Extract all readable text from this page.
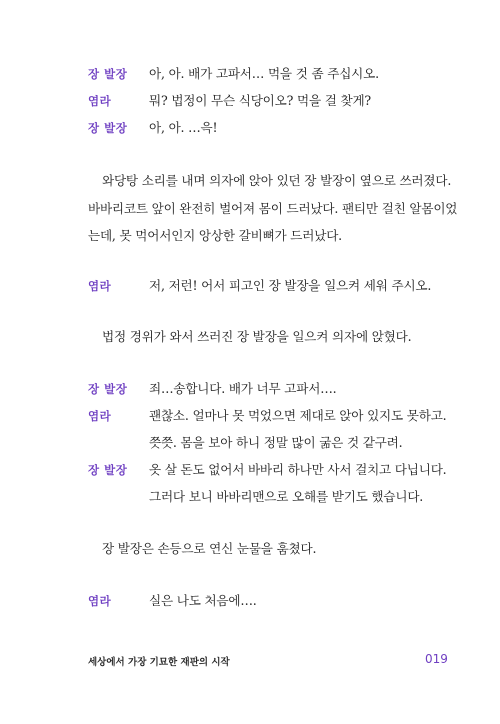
장 발장 아, 아. 배가 고파서… 먹을 것 좀 주십시오.
염라	뭐? 법정이 무슨 식당이오? 먹을 걸 찾게?
장 발장 아, 아. …윽!
와당탕 소리를 내며 의자에 앉아 있던 장 발장이 옆으로 쓰러졌다.
바바리코트 앞이 완전히 벌어져 몸이 드러났다. 팬티만 걸친 알몸이었
는데, 못 먹어서인지 앙상한 갈비뼈가 드러났다.
염라	저, 저런! 어서 피고인 장 발장을 일으켜 세워 주시오.
법정 경위가 와서 쓰러진 장 발장을 일으켜 의자에 앉혔다.
장 발장 죄…송합니다. 배가 너무 고파서….
염라	괜찮소. 얼마나 못 먹었으면 제대로 앉아 있지도 못하고.
쯧쯧. 몸을 보아 하니 정말 많이 굶은 것 같구려.
장 발장 옷 살 돈도 없어서 바바리 하나만 사서 걸치고 다닙니다.
그러다 보니 바바리맨으로 오해를 받기도 했습니다.
장 발장은 손등으로 연신 눈물을 훔쳤다.
염라	실은 나도 처음에….
세상에서 가장 기묘한 재판의 시작	019
